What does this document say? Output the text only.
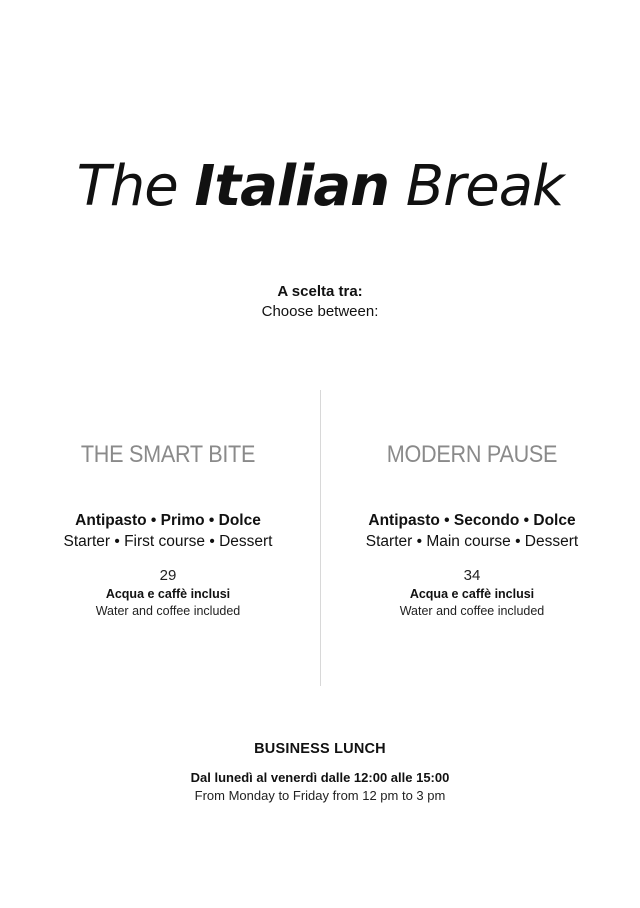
The Italian Break
A scelta tra:
Choose between:
THE SMART BITE
Antipasto • Primo • Dolce
Starter • First course • Dessert
29
Acqua e caffè inclusi
Water and coffee included
MODERN PAUSE
Antipasto • Secondo • Dolce
Starter • Main course • Dessert
34
Acqua e caffè inclusi
Water and coffee included
BUSINESS LUNCH
Dal lunedì al venerdì dalle 12:00 alle 15:00
From Monday to Friday from 12 pm to 3 pm
